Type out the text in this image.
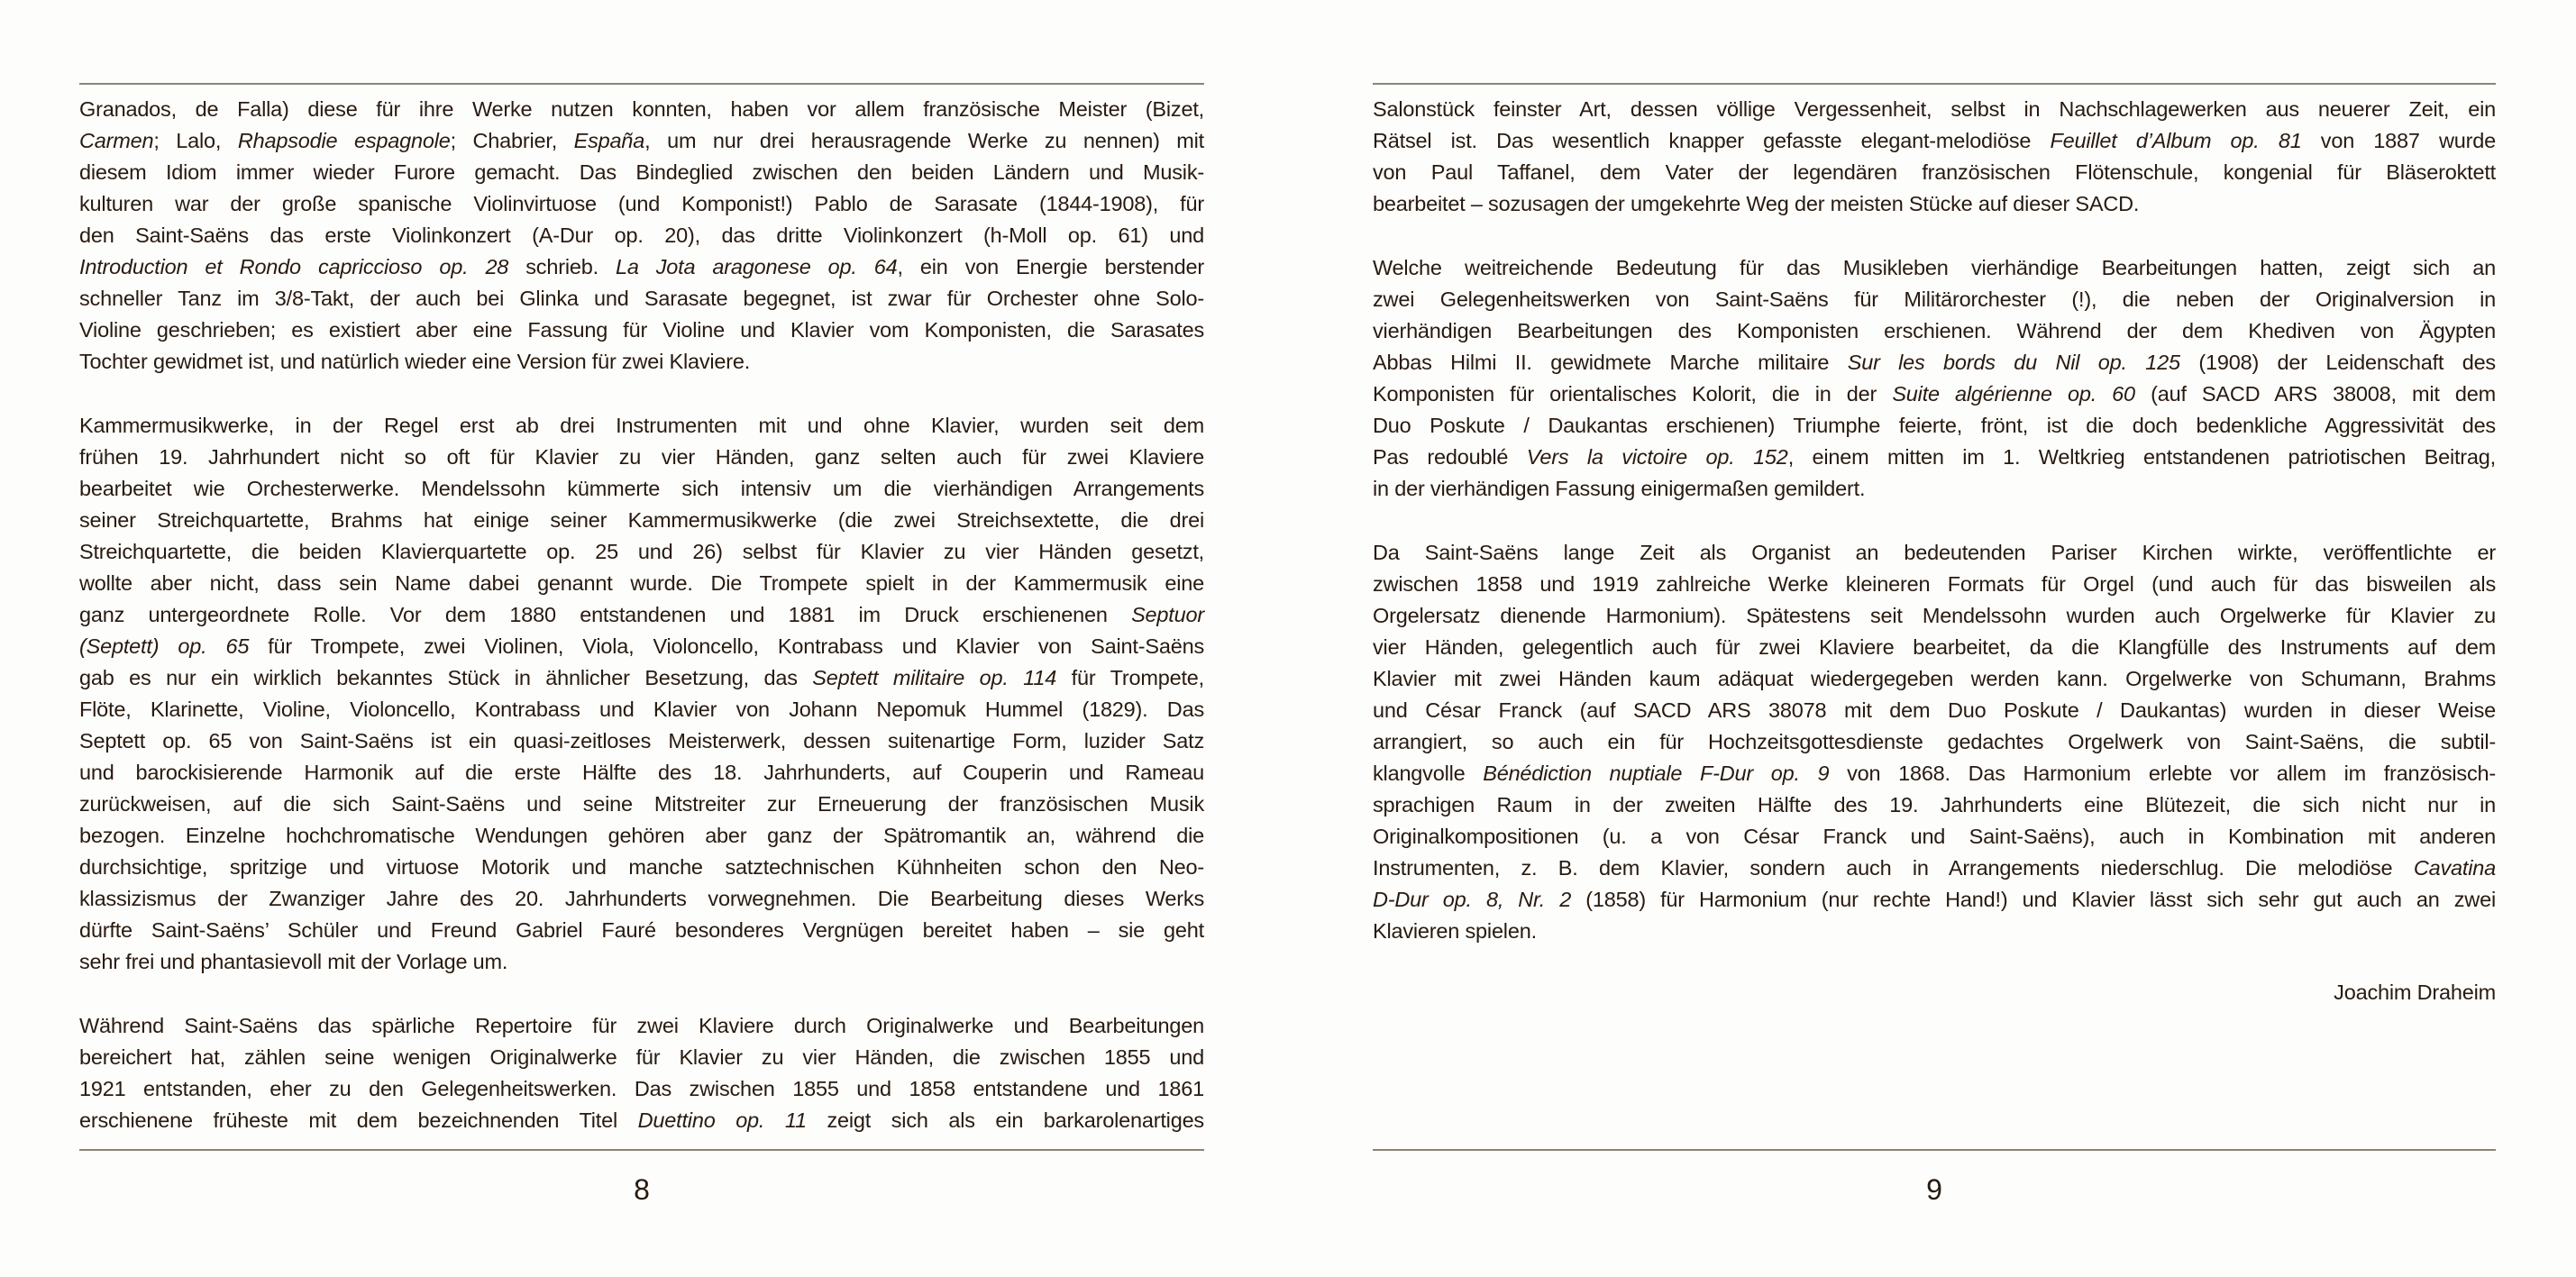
Granados, de Falla) diese für ihre Werke nutzen konnten, haben vor allem französische Meister (Bizet,
Carmen; Lalo, Rhapsodie espagnole; Chabrier, España, um nur drei herausragende Werke zu nennen) mit
diesem Idiom immer wieder Furore gemacht. Das Bindeglied zwischen den beiden Ländern und Musik-
kulturen war der große spanische Violinvirtuose (und Komponist!) Pablo de Sarasate (1844-1908), für
den Saint-Saëns das erste Violinkonzert (A-Dur op. 20), das dritte Violinkonzert (h-Moll op. 61) und
Introduction et Rondo capriccioso op. 28 schrieb. La Jota aragonese op. 64, ein von Energie berstender
schneller Tanz im 3/8-Takt, der auch bei Glinka und Sarasate begegnet, ist zwar für Orchester ohne Solo-
Violine geschrieben; es existiert aber eine Fassung für Violine und Klavier vom Komponisten, die Sarasates
Tochter gewidmet ist, und natürlich wieder eine Version für zwei Klaviere.
Kammermusikwerke, in der Regel erst ab drei Instrumenten mit und ohne Klavier, wurden seit dem
frühen 19. Jahrhundert nicht so oft für Klavier zu vier Händen, ganz selten auch für zwei Klaviere
bearbeitet wie Orchesterwerke. Mendelssohn kümmerte sich intensiv um die vierhändigen Arrangements
seiner Streichquartette, Brahms hat einige seiner Kammermusikwerke (die zwei Streichsextette, die drei
Streichquartette, die beiden Klavierquartette op. 25 und 26) selbst für Klavier zu vier Händen gesetzt,
wollte aber nicht, dass sein Name dabei genannt wurde. Die Trompete spielt in der Kammermusik eine
ganz untergeordnete Rolle. Vor dem 1880 entstandenen und 1881 im Druck erschienenen Septuor
(Septett) op. 65 für Trompete, zwei Violinen, Viola, Violoncello, Kontrabass und Klavier von Saint-Saëns
gab es nur ein wirklich bekanntes Stück in ähnlicher Besetzung, das Septett militaire op. 114 für Trompete,
Flöte, Klarinette, Violine, Violoncello, Kontrabass und Klavier von Johann Nepomuk Hummel (1829). Das
Septett op. 65 von Saint-Saëns ist ein quasi-zeitloses Meisterwerk, dessen suitenartige Form, luzider Satz
und barockisierende Harmonik auf die erste Hälfte des 18. Jahrhunderts, auf Couperin und Rameau
zurückweisen, auf die sich Saint-Saëns und seine Mitstreiter zur Erneuerung der französischen Musik
bezogen. Einzelne hochchromatische Wendungen gehören aber ganz der Spätromantik an, während die
durchsichtige, spritzige und virtuose Motorik und manche satztechnischen Kühnheiten schon den Neo-
klassizismus der Zwanziger Jahre des 20. Jahrhunderts vorwegnehmen. Die Bearbeitung dieses Werks
dürfte Saint-Saëns’ Schüler und Freund Gabriel Fauré besonderes Vergnügen bereitet haben – sie geht
sehr frei und phantasievoll mit der Vorlage um.
Während Saint-Saëns das spärliche Repertoire für zwei Klaviere durch Originalwerke und Bearbeitungen
bereichert hat, zählen seine wenigen Originalwerke für Klavier zu vier Händen, die zwischen 1855 und
1921 entstanden, eher zu den Gelegenheitswerken. Das zwischen 1855 und 1858 entstandene und 1861
erschienene früheste mit dem bezeichnenden Titel Duettino op. 11 zeigt sich als ein barkarolenartiges
8
Salonstück feinster Art, dessen völlige Vergessenheit, selbst in Nachschlagewerken aus neuerer Zeit, ein
Rätsel ist. Das wesentlich knapper gefasste elegant-melodiöse Feuillet d’Album op. 81 von 1887 wurde
von Paul Taffanel, dem Vater der legendären französischen Flötenschule, kongenial für Bläseroktett
bearbeitet – sozusagen der umgekehrte Weg der meisten Stücke auf dieser SACD.
Welche weitreichende Bedeutung für das Musikleben vierhändige Bearbeitungen hatten, zeigt sich an
zwei Gelegenheitswerken von Saint-Saëns für Militärorchester (!), die neben der Originalversion in
vierhändigen Bearbeitungen des Komponisten erschienen. Während der dem Khediven von Ägypten
Abbas Hilmi II. gewidmete Marche militaire Sur les bords du Nil op. 125 (1908) der Leidenschaft des
Komponisten für orientalisches Kolorit, die in der Suite algérienne op. 60 (auf SACD ARS 38008, mit dem
Duo Poskute / Daukantas erschienen) Triumphe feierte, frönt, ist die doch bedenkliche Aggressivität des
Pas redoublé Vers la victoire op. 152, einem mitten im 1. Weltkrieg entstandenen patriotischen Beitrag,
in der vierhändigen Fassung einigermaßen gemildert.
Da Saint-Saëns lange Zeit als Organist an bedeutenden Pariser Kirchen wirkte, veröffentlichte er
zwischen 1858 und 1919 zahlreiche Werke kleineren Formats für Orgel (und auch für das bisweilen als
Orgelersatz dienende Harmonium). Spätestens seit Mendelssohn wurden auch Orgelwerke für Klavier zu
vier Händen, gelegentlich auch für zwei Klaviere bearbeitet, da die Klangfülle des Instruments auf dem
Klavier mit zwei Händen kaum adäquat wiedergegeben werden kann. Orgelwerke von Schumann, Brahms
und César Franck (auf SACD ARS 38078 mit dem Duo Poskute / Daukantas) wurden in dieser Weise
arrangiert, so auch ein für Hochzeitsgottesdienste gedachtes Orgelwerk von Saint-Saëns, die subtil-
klangvolle Bénédiction nuptiale F-Dur op. 9 von 1868. Das Harmonium erlebte vor allem im französisch-
sprachigen Raum in der zweiten Hälfte des 19. Jahrhunderts eine Blütezeit, die sich nicht nur in
Originalkompositionen (u. a von César Franck und Saint-Saëns), auch in Kombination mit anderen
Instrumenten, z. B. dem Klavier, sondern auch in Arrangements niederschlug. Die melodiöse Cavatina
D-Dur op. 8, Nr. 2 (1858) für Harmonium (nur rechte Hand!) und Klavier lässt sich sehr gut auch an zwei
Klavieren spielen.
Joachim Draheim
9
